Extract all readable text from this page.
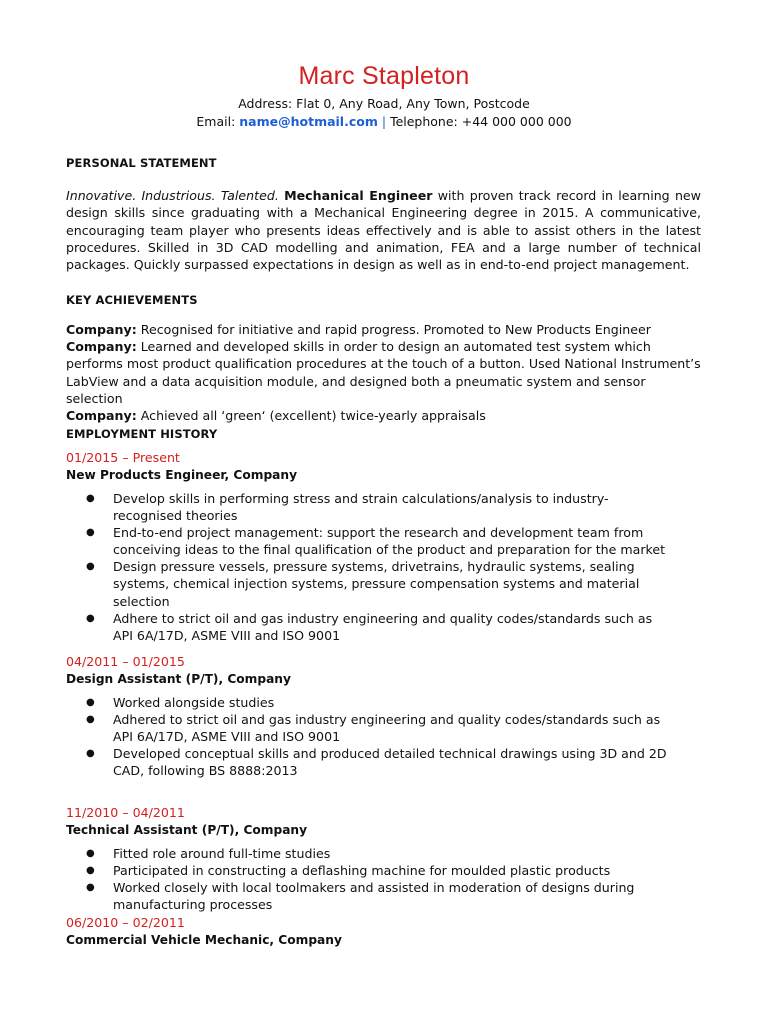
Marc Stapleton
Address: Flat 0, Any Road, Any Town, Postcode
Email: name@hotmail.com | Telephone: +44 000 000 000
PERSONAL STATEMENT
Innovative. Industrious. Talented. Mechanical Engineer with proven track record in learning new design skills since graduating with a Mechanical Engineering degree in 2015. A communicative, encouraging team player who presents ideas effectively and is able to assist others in the latest procedures. Skilled in 3D CAD modelling and animation, FEA and a large number of technical packages. Quickly surpassed expectations in design as well as in end-to-end project management.
KEY ACHIEVEMENTS

Company: Recognised for initiative and rapid progress. Promoted to New Products Engineer

Company: Learned and developed skills in order to design an automated test system which performs most product qualification procedures at the touch of a button. Used National Instrument’s LabView and a data acquisition module, and designed both a pneumatic system and sensor selection

Company: Achieved all ‘green‘ (excellent) twice-yearly appraisals

EMPLOYMENT HISTORY
01/2015 – Present
New Products Engineer, Company
● Develop skills in performing stress and strain calculations/analysis to industry-recognised theories
● End-to-end project management: support the research and development team from conceiving ideas to the final qualification of the product and preparation for the market
● Design pressure vessels, pressure systems, drivetrains, hydraulic systems, sealing systems, chemical injection systems, pressure compensation systems and material selection
● Adhere to strict oil and gas industry engineering and quality codes/standards such as API 6A/17D, ASME VIII and ISO 9001
04/2011 – 01/2015
Design Assistant (P/T), Company
● Worked alongside studies
● Adhered to strict oil and gas industry engineering and quality codes/standards such as API 6A/17D, ASME VIII and ISO 9001
● Developed conceptual skills and produced detailed technical drawings using 3D and 2D CAD, following BS 8888:2013
11/2010 – 04/2011
Technical Assistant (P/T), Company
● Fitted role around full-time studies
● Participated in constructing a deflashing machine for moulded plastic products
● Worked closely with local toolmakers and assisted in moderation of designs during manufacturing processes
06/2010 – 02/2011
Commercial Vehicle Mechanic, Company
